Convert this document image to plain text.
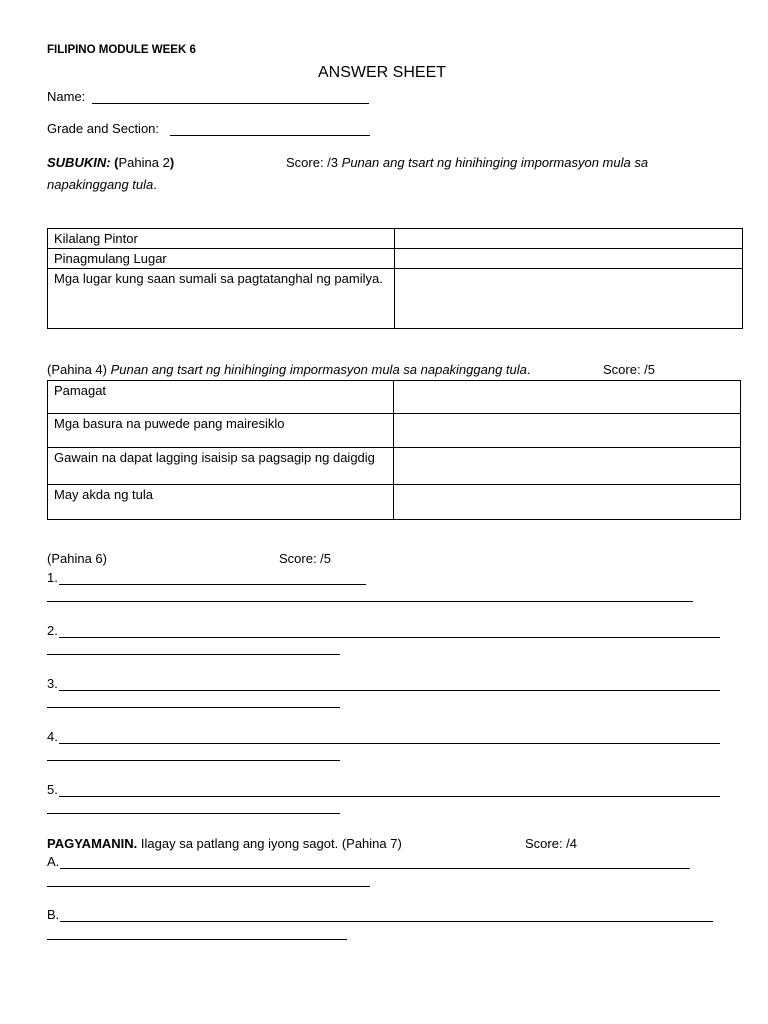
FILIPINO MODULE WEEK 6
ANSWER SHEET
Name:
Grade and Section:
SUBUKIN: (Pahina 2)	Score: /3 Punan ang tsart ng hinihinging impormasyon mula sa
napakinggang tula.
Kilalang Pintor	
Pinagmulang Lugar	
Mga lugar kung saan sumali sa pagtatanghal ng pamilya.	
(Pahina 4) Punan ang tsart ng hinihinging impormasyon mula sa napakinggang tula.	Score: /5
Pamagat	
Mga basura na puwede pang mairesiklo	
Gawain na dapat lagging isaisip sa pagsagip ng daigdig	
May akda ng tula	
(Pahina 6)	Score: /5
1.
2.
3.
4.
5.
PAGYAMANIN. Ilagay sa patlang ang iyong sagot. (Pahina 7)	Score: /4
A.
B.
